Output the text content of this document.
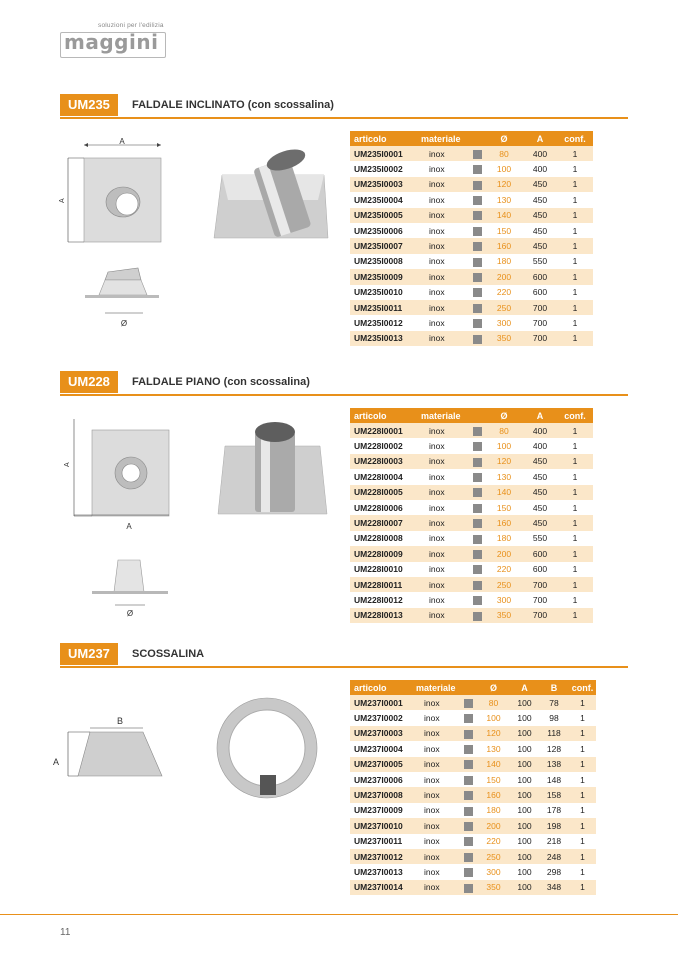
soluzioni per l'edilizia
maggini
UM235	FALDALE INCLINATO (con scossalina)
A
A
Ø
articolo	materiale		Ø	A	conf.
UM235I0001	inox		80	400	1
UM235I0002	inox		100	400	1
UM235I0003	inox		120	450	1
UM235I0004	inox		130	450	1
UM235I0005	inox		140	450	1
UM235I0006	inox		150	450	1
UM235I0007	inox		160	450	1
UM235I0008	inox		180	550	1
UM235I0009	inox		200	600	1
UM235I0010	inox		220	600	1
UM235I0011	inox		250	700	1
UM235I0012	inox		300	700	1
UM235I0013	inox		350	700	1
UM228	FALDALE PIANO (con scossalina)
A
A
Ø
articolo	materiale		Ø	A	conf.
UM228I0001	inox		80	400	1
UM228I0002	inox		100	400	1
UM228I0003	inox		120	450	1
UM228I0004	inox		130	450	1
UM228I0005	inox		140	450	1
UM228I0006	inox		150	450	1
UM228I0007	inox		160	450	1
UM228I0008	inox		180	550	1
UM228I0009	inox		200	600	1
UM228I0010	inox		220	600	1
UM228I0011	inox		250	700	1
UM228I0012	inox		300	700	1
UM228I0013	inox		350	700	1
UM237	SCOSSALINA
B
A
articolo	materiale		Ø	A	B	conf.
UM237I0001	inox		80	100	78	1
UM237I0002	inox		100	100	98	1
UM237I0003	inox		120	100	118	1
UM237I0004	inox		130	100	128	1
UM237I0005	inox		140	100	138	1
UM237I0006	inox		150	100	148	1
UM237I0008	inox		160	100	158	1
UM237I0009	inox		180	100	178	1
UM237I0010	inox		200	100	198	1
UM237I0011	inox		220	100	218	1
UM237I0012	inox		250	100	248	1
UM237I0013	inox		300	100	298	1
UM237I0014	inox		350	100	348	1
11
